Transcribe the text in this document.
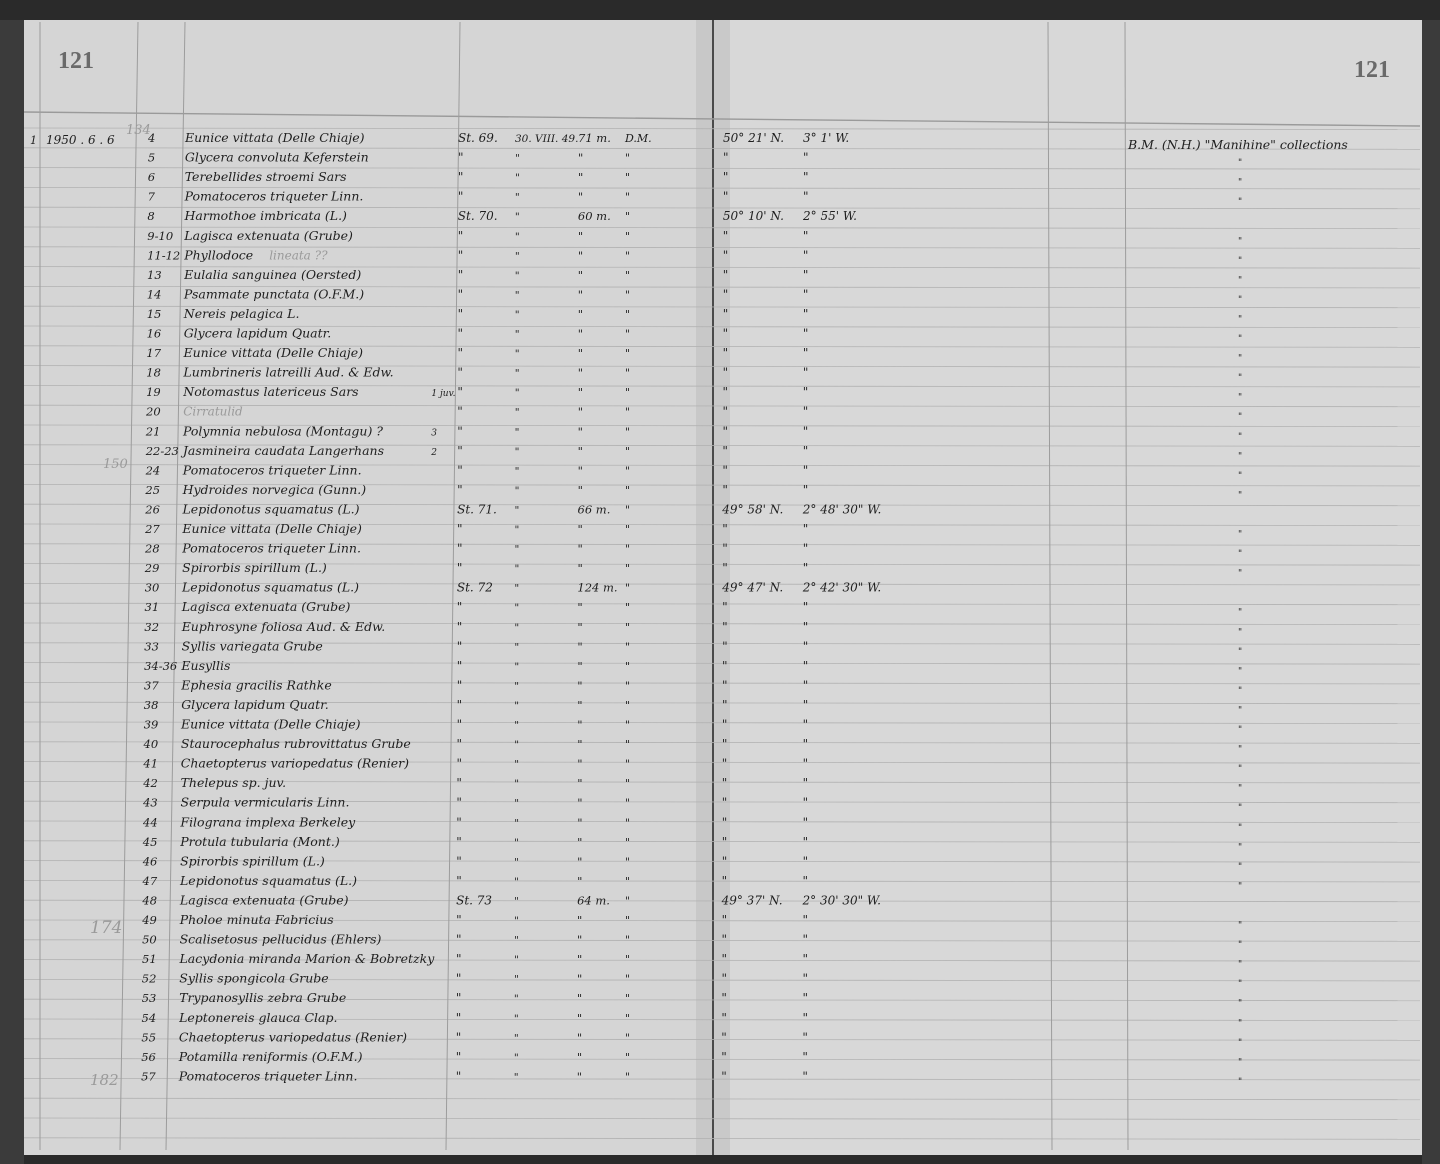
121	121
1 1950 . 6 . 6
134
B.M. (N.H.) "Manihine" collections
150
174
182
4 Eunice vittata (Delle Chiaje)	St. 69. 30. VIII. 49. 71 m. D.M.	50° 21' N. 3° 1' W.
5 Glycera convoluta Keferstein	"	"	"	"	"	"	"
6 Terebellides stroemi Sars	"	"	"	"	"	"	"
7 Pomatoceros triqueter Linn.	"	"	"	"	"	"	"
8 Harmothoe imbricata (L.)	St. 70. "	60 m. "	50° 10' N. 2° 55' W.
9-10 Lagisca extenuata (Grube)	"	"	"	"	"	"	"
11-12 Phyllodoce lineata ??	"	"	"	"	"	"	"
13 Eulalia sanguinea (Oersted)	"	"	"	"	"	"	"
14 Psammate punctata (O.F.M.)	"	"	"	"	"	"	"
15 Nereis pelagica L.	"	"	"	"	"	"	"
16 Glycera lapidum Quatr.	"	"	"	"	"	"	"
17 Eunice vittata (Delle Chiaje)	"	"	"	"	"	"	"
18 Lumbrineris latreilli Aud. & Edw.	"	"	"	"	"	"	"
19 Notomastus latericeus Sars	1 juv. "	"	"	"	"	"	"
20 Cirratulid	"	"	"	"	"	"	"
21 Polymnia nebulosa (Montagu) ?	3 "	"	"	"	"	"	"
22-23 Jasmineira caudata Langerhans	2 "	"	"	"	"	"	"
24 Pomatoceros triqueter Linn.	"	"	"	"	"	"	"
25 Hydroides norvegica (Gunn.)	"	"	"	"	"	"	"
26 Lepidonotus squamatus (L.)	St. 71. "	66 m. "	49° 58' N. 2° 48' 30" W.
27 Eunice vittata (Delle Chiaje)	"	"	"	"	"	"	"
28 Pomatoceros triqueter Linn.	"	"	"	"	"	"	"
29 Spirorbis spirillum (L.)	"	"	"	"	"	"	"
30 Lepidonotus squamatus (L.)	St. 72 "	124 m. "	49° 47' N. 2° 42' 30" W.
31 Lagisca extenuata (Grube)	"	"	"	"	"	"	"
32 Euphrosyne foliosa Aud. & Edw.	"	"	"	"	"	"	"
33 Syllis variegata Grube	"	"	"	"	"	"	"
34-36 Eusyllis	"	"	"	"	"	"	"
37 Ephesia gracilis Rathke	"	"	"	"	"	"	"
38 Glycera lapidum Quatr.	"	"	"	"	"	"	"
39 Eunice vittata (Delle Chiaje)	"	"	"	"	"	"	"
40 Staurocephalus rubrovittatus Grube	"	"	"	"	"	"	"
41 Chaetopterus variopedatus (Renier)	"	"	"	"	"	"	"
42 Thelepus sp. juv.	"	"	"	"	"	"	"
43 Serpula vermicularis Linn.	"	"	"	"	"	"	"
44 Filograna implexa Berkeley	"	"	"	"	"	"	"
45 Protula tubularia (Mont.)	"	"	"	"	"	"	"
46 Spirorbis spirillum (L.)	"	"	"	"	"	"	"
47 Lepidonotus squamatus (L.)	"	"	"	"	"	"	"
48 Lagisca extenuata (Grube)	St. 73 "	64 m. "	49° 37' N. 2° 30' 30" W.
49 Pholoe minuta Fabricius	"	"	"	"	"	"	"
50 Scalisetosus pellucidus (Ehlers)	"	"	"	"	"	"	"
51 Lacydonia miranda Marion & Bobretzky "	"	"	"	"	"	"
52 Syllis spongicola Grube	"	"	"	"	"	"	"
53 Trypanosyllis zebra Grube	"	"	"	"	"	"	"
54 Leptonereis glauca Clap.	"	"	"	"	"	"	"
55 Chaetopterus variopedatus (Renier)	"	"	"	"	"	"	"
56 Potamilla reniformis (O.F.M.)	"	"	"	"	"	"	"
57 Pomatoceros triqueter Linn.	"	"	"	"	"	"	"
